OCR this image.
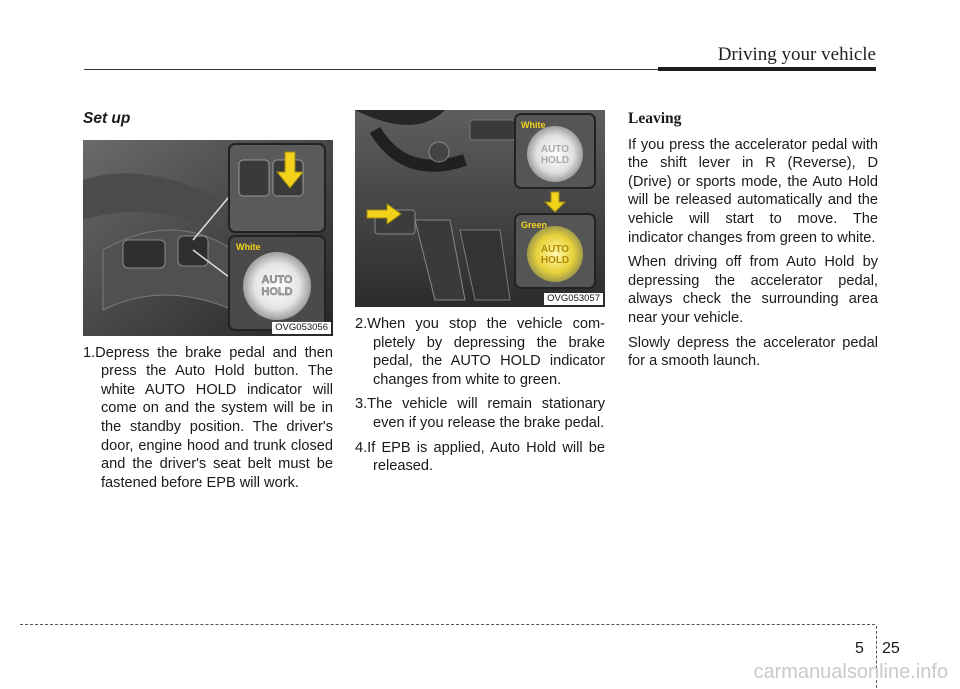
Driving your vehicle

Set up

White
AUTO
HOLD
OVG053056

1.Depress the brake pedal and then press the Auto Hold button. The white AUTO HOLD indicator will come on and the system will be in the standby position. The driver's door, engine hood and trunk closed and the driver's seat belt must be fastened before EPB will work.

White
AUTO
HOLD
Green
AUTO
HOLD
OVG053057

2.When you stop the vehicle com- pletely by depressing the brake pedal, the AUTO HOLD indicator changes from white to green.

3.The vehicle will remain stationary even if you release the brake pedal.

4.If EPB is applied, Auto Hold will be released.

Leaving

If you press the accelerator pedal with the shift lever in R (Reverse), D (Drive) or sports mode, the Auto Hold will be released automatically and the vehicle will start to move. The indicator changes from green to white.

When driving off from Auto Hold by depressing the accelerator pedal, always check the surrounding area near your vehicle.

Slowly depress the accelerator pedal for a smooth launch.

5 25
carmanualsonline.info
